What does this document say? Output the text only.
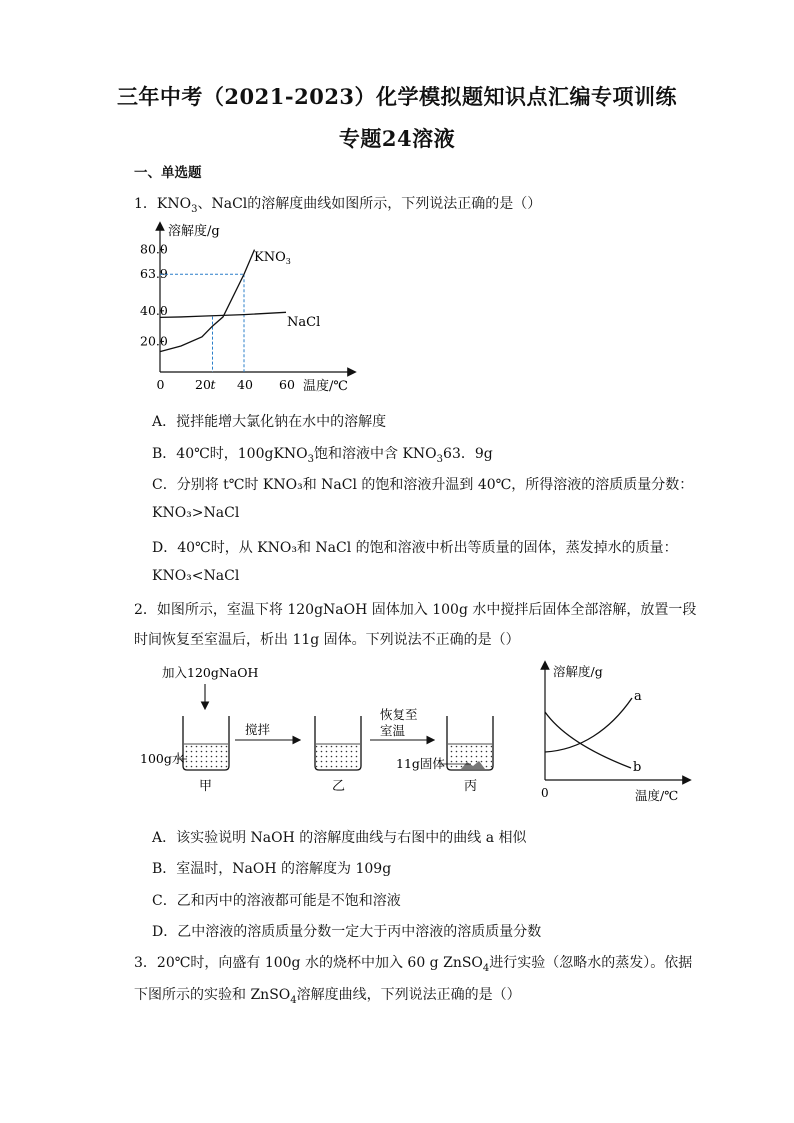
三年中考（2021-2023）化学模拟题知识点汇编专项训练
专题24溶液
一、单选题
1．$KNO_3$、NaCl的溶解度曲线如图所示，下列说法正确的是（）
溶解度/g
温度/℃
80.0
63.9
40.0
20.0
0 20 t 40 60
$KNO_3$
NaCl
A．搅拌能增大氯化钠在水中的溶解度
B．40℃时，100gKNO$_3$饱和溶液中含 $KNO_363$．9g
C．分别将 t℃时 KNO₃和 NaCl 的饱和溶液升温到 40℃，所得溶液的溶质质量分数：
KNO₃>NaCl
D．40℃时，从 KNO₃和 NaCl 的饱和溶液中析出等质量的固体，蒸发掉水的质量：
KNO₃<NaCl
2．如图所示，室温下将 120gNaOH 固体加入 100g 水中搅拌后固体全部溶解，放置一段
时间恢复至室温后，析出 11g 固体。下列说法不正确的是（）
加入120gNaOH
100g水
甲
搅拌
乙
恢复至
室温
11g固体
丙
溶解度/g
温度/℃
0
a
b
A．该实验说明 NaOH 的溶解度曲线与右图中的曲线 a 相似
B．室温时，NaOH 的溶解度为 109g
C．乙和丙中的溶液都可能是不饱和溶液
D．乙中溶液的溶质质量分数一定大于丙中溶液的溶质质量分数
3．20℃时，向盛有 100g 水的烧杯中加入 60 g ZnSO$_4$进行实验（忽略水的蒸发）。依据
下图所示的实验和 ZnSO$_4$溶解度曲线，下列说法正确的是（）
